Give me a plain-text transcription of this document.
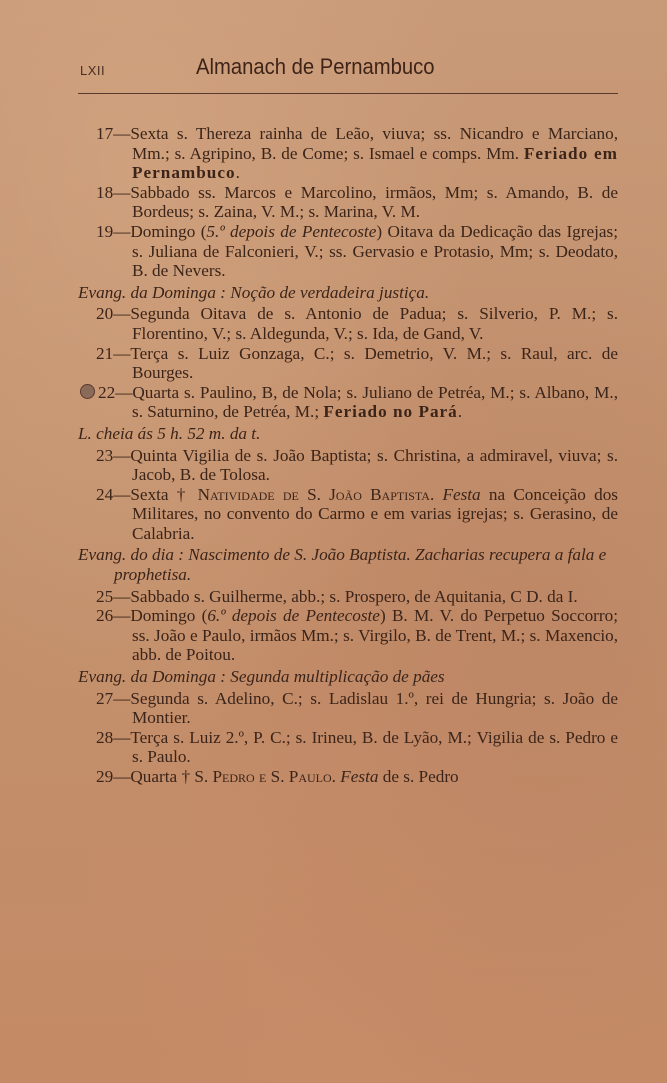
LXII	Almanach de Pernambuco

17—Sexta s. Thereza rainha de Leão, viuva; ss. Nicandro e Marciano, Mm.; s. Agripino, B. de Come; s. Ismael e comps. Mm. Feriado em Pernambuco.

18—Sabbado ss. Marcos e Marcolino, irmãos, Mm; s. Amando, B. de Bordeus; s. Zaina, V. M.; s. Marina, V. M.

19—Domingo (5.º depois de Pentecoste) Oitava da Dedicação das Igrejas; s. Juliana de Falconieri, V.; ss. Gervasio e Protasio, Mm; s. Deodato, B. de Nevers.

Evang. da Dominga : Noção de verdadeira justiça.

20—Segunda Oitava de s. Antonio de Padua; s. Silverio, P. M.; s. Florentino, V.; s. Aldegunda, V.; s. Ida, de Gand, V.

21—Terça s. Luiz Gonzaga, C.; s. Demetrio, V. M.; s. Raul, arc. de Bourges.

22—Quarta s. Paulino, B, de Nola; s. Juliano de Petréa, M.; s. Albano, M., s. Saturnino, de Petréa, M.; Feriado no Pará.

L. cheia ás 5 h. 52 m. da t.

23—Quinta Vigilia de s. João Baptista; s. Christina, a admiravel, viuva; s. Jacob, B. de Tolosa.

24—Sexta † Natividade de S. João Baptista. Festa na Conceição dos Militares, no convento do Carmo e em varias igrejas; s. Gerasino, de Calabria.

Evang. do dia : Nascimento de S. João Baptista. Zacharias recupera a fala e prophetisa.

25—Sabbado s. Guilherme, abb.; s. Prospero, de Aquitania, C D. da I.

26—Domingo (6.º depois de Pentecoste) B. M. V. do Perpetuo Soccorro; ss. João e Paulo, irmãos Mm.; s. Virgilo, B. de Trent, M.; s. Maxencio, abb. de Poitou.

Evang. da Dominga : Segunda multiplicação de pães

27—Segunda s. Adelino, C.; s. Ladislau 1.º, rei de Hungria; s. João de Montier.

28—Terça s. Luiz 2.º, P. C.; s. Irineu, B. de Lyão, M.; Vigilia de s. Pedro e s. Paulo.

29—Quarta † S. Pedro e S. Paulo. Festa de s. Pedro
